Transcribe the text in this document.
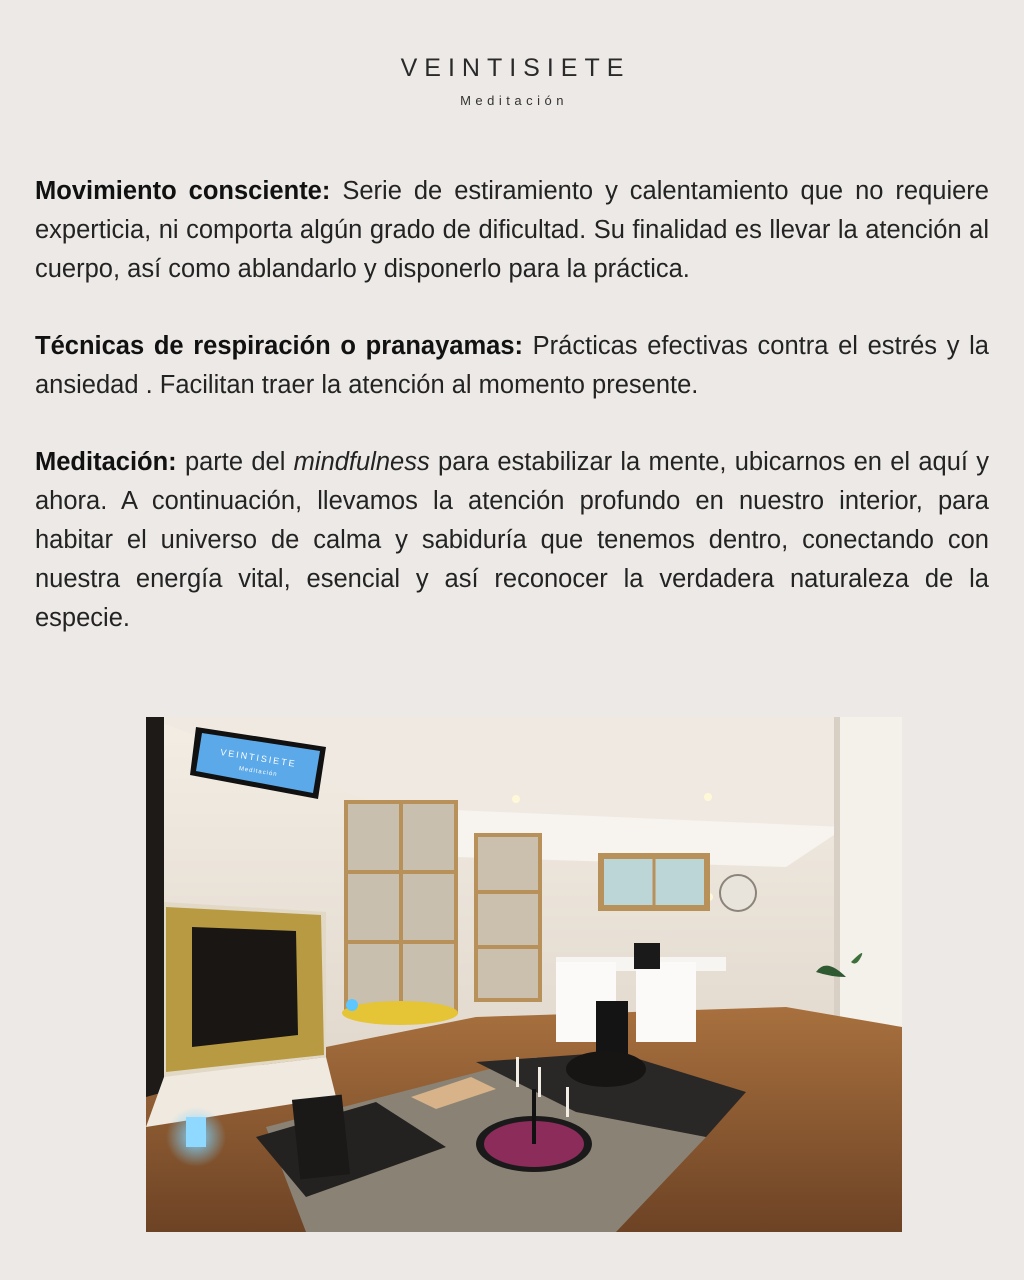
VEINTISIETE
Meditación

Movimiento consciente: Serie de estiramiento y calentamiento que no requiere experticia, ni comporta algún grado de dificultad. Su finalidad es llevar la atención al cuerpo, así como ablandarlo y disponerlo para la práctica.

Técnicas de respiración o pranayamas: Prácticas efectivas contra el estrés y la ansiedad . Facilitan traer la atención al momento presente.

Meditación: parte del mindfulness para estabilizar la mente, ubicarnos en el aquí y ahora. A continuación, llevamos la atención profundo en nuestro interior, para habitar el universo de calma y sabiduría que tenemos dentro, conectando con nuestra energía vital, esencial y así reconocer la verdadera naturaleza de la especie.

VEINTISIETE
Meditación
